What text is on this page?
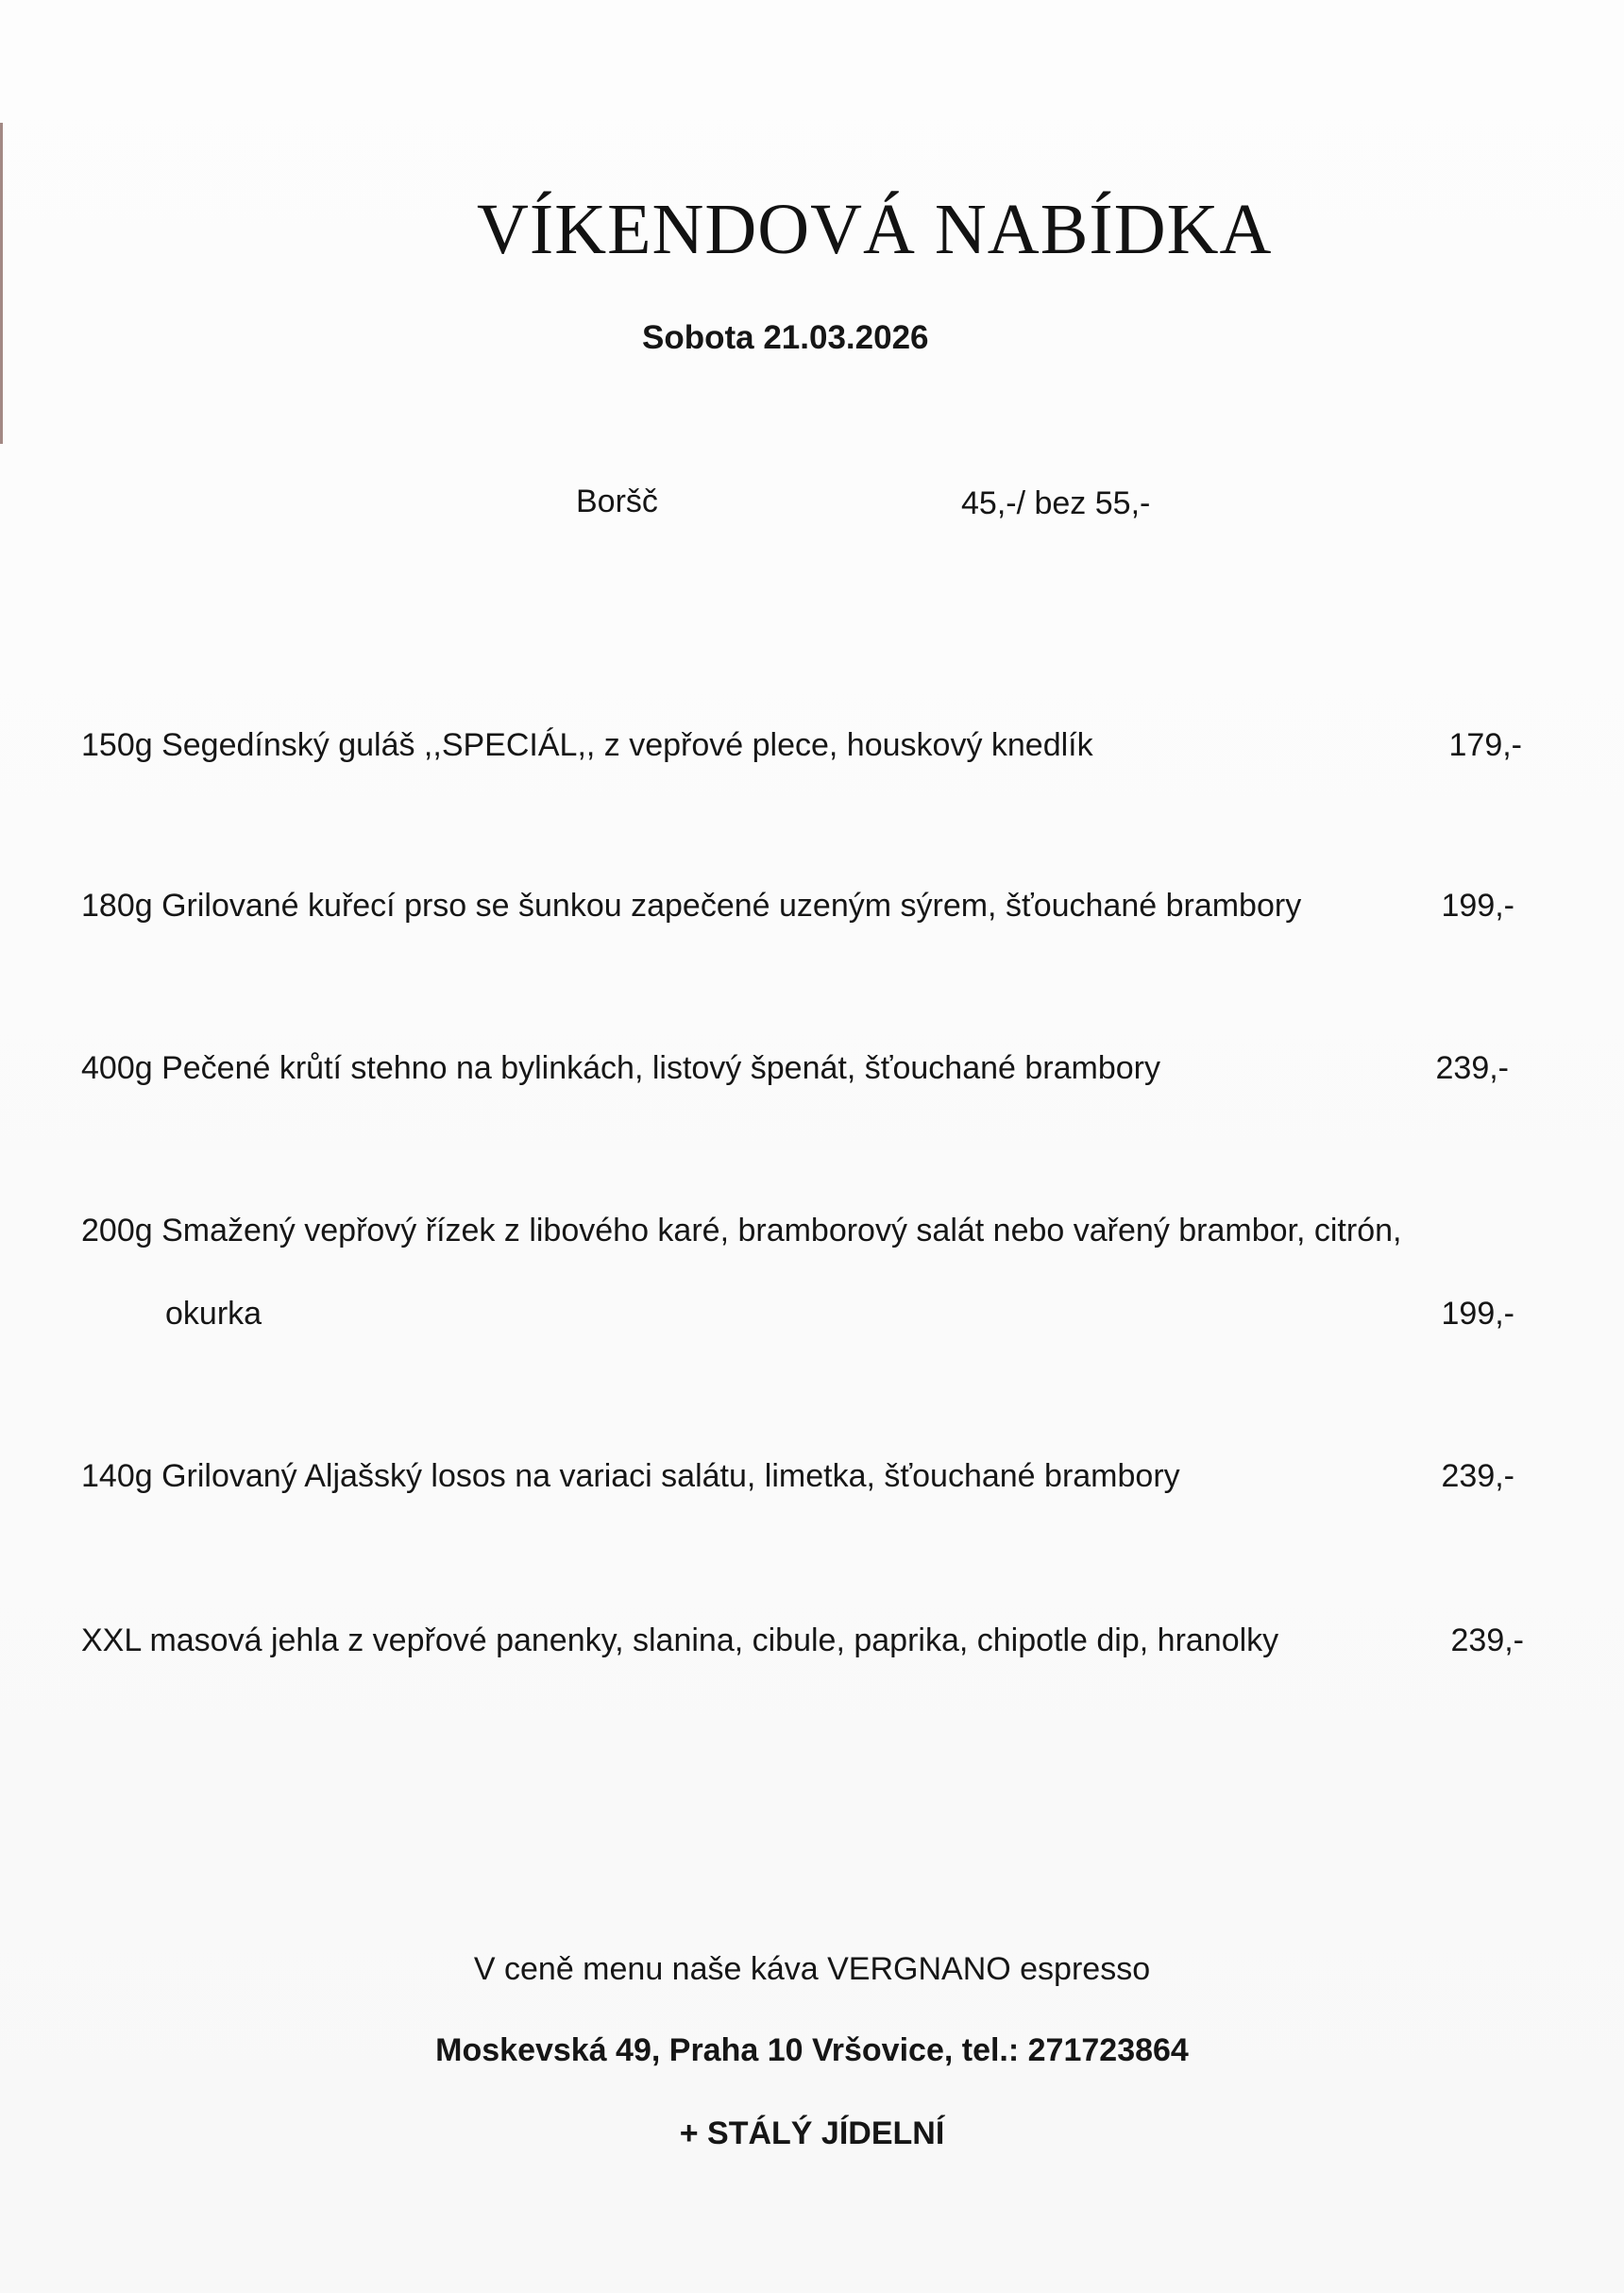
VÍKENDOVÁ NABÍDKA
Sobota 21.03.2026
Boršč	45,-/ bez 55,-
150g Segedínský guláš ,,SPECIÁL,, z vepřové plece, houskový knedlík	179,-
180g Grilované kuřecí prso se šunkou zapečené uzeným sýrem, šťouchané brambory	199,-
400g Pečené krůtí stehno na bylinkách, listový špenát, šťouchané brambory	239,-
200g Smažený vepřový řízek z libového karé, bramborový salát nebo vařený brambor, citrón,
okurka	199,-
140g Grilovaný Aljašský losos na variaci salátu, limetka, šťouchané brambory	239,-
XXL masová jehla z vepřové panenky, slanina, cibule, paprika, chipotle dip, hranolky	239,-
V ceně menu naše káva VERGNANO espresso
Moskevská 49, Praha 10 Vršovice, tel.: 271723864
+ STÁLÝ JÍDELNÍ
